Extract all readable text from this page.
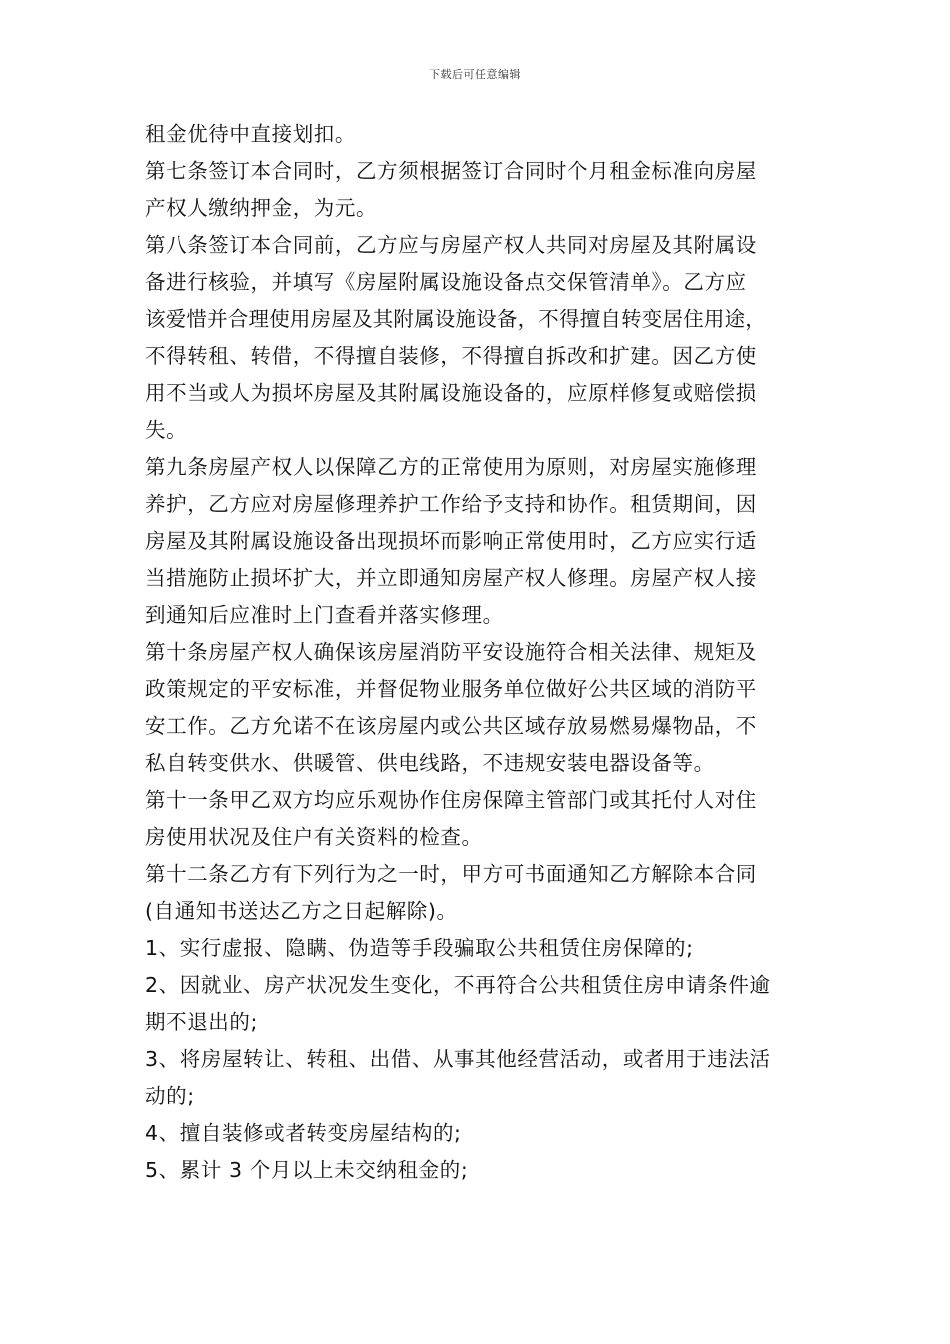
下载后可任意编辑
租金优待中直接划扣。
第七条签订本合同时，乙方须根据签订合同时个月租金标准向房屋
产权人缴纳押金，为元。
第八条签订本合同前，乙方应与房屋产权人共同对房屋及其附属设
备进行核验，并填写《房屋附属设施设备点交保管清单》。乙方应
该爱惜并合理使用房屋及其附属设施设备，不得擅自转变居住用途，
不得转租、转借，不得擅自装修，不得擅自拆改和扩建。因乙方使
用不当或人为损坏房屋及其附属设施设备的，应原样修复或赔偿损
失。
第九条房屋产权人以保障乙方的正常使用为原则，对房屋实施修理
养护，乙方应对房屋修理养护工作给予支持和协作。租赁期间，因
房屋及其附属设施设备出现损坏而影响正常使用时，乙方应实行适
当措施防止损坏扩大，并立即通知房屋产权人修理。房屋产权人接
到通知后应准时上门查看并落实修理。
第十条房屋产权人确保该房屋消防平安设施符合相关法律、规矩及
政策规定的平安标准，并督促物业服务单位做好公共区域的消防平
安工作。乙方允诺不在该房屋内或公共区域存放易燃易爆物品，不
私自转变供水、供暖管、供电线路，不违规安装电器设备等。
第十一条甲乙双方均应乐观协作住房保障主管部门或其托付人对住
房使用状况及住户有关资料的检查。
第十二条乙方有下列行为之一时，甲方可书面通知乙方解除本合同
(自通知书送达乙方之日起解除)。
1、实行虚报、隐瞒、伪造等手段骗取公共租赁住房保障的;
2、因就业、房产状况发生变化，不再符合公共租赁住房申请条件逾
期不退出的;
3、将房屋转让、转租、出借、从事其他经营活动，或者用于违法活
动的;
4、擅自装修或者转变房屋结构的;
5、累计 3 个月以上未交纳租金的;
